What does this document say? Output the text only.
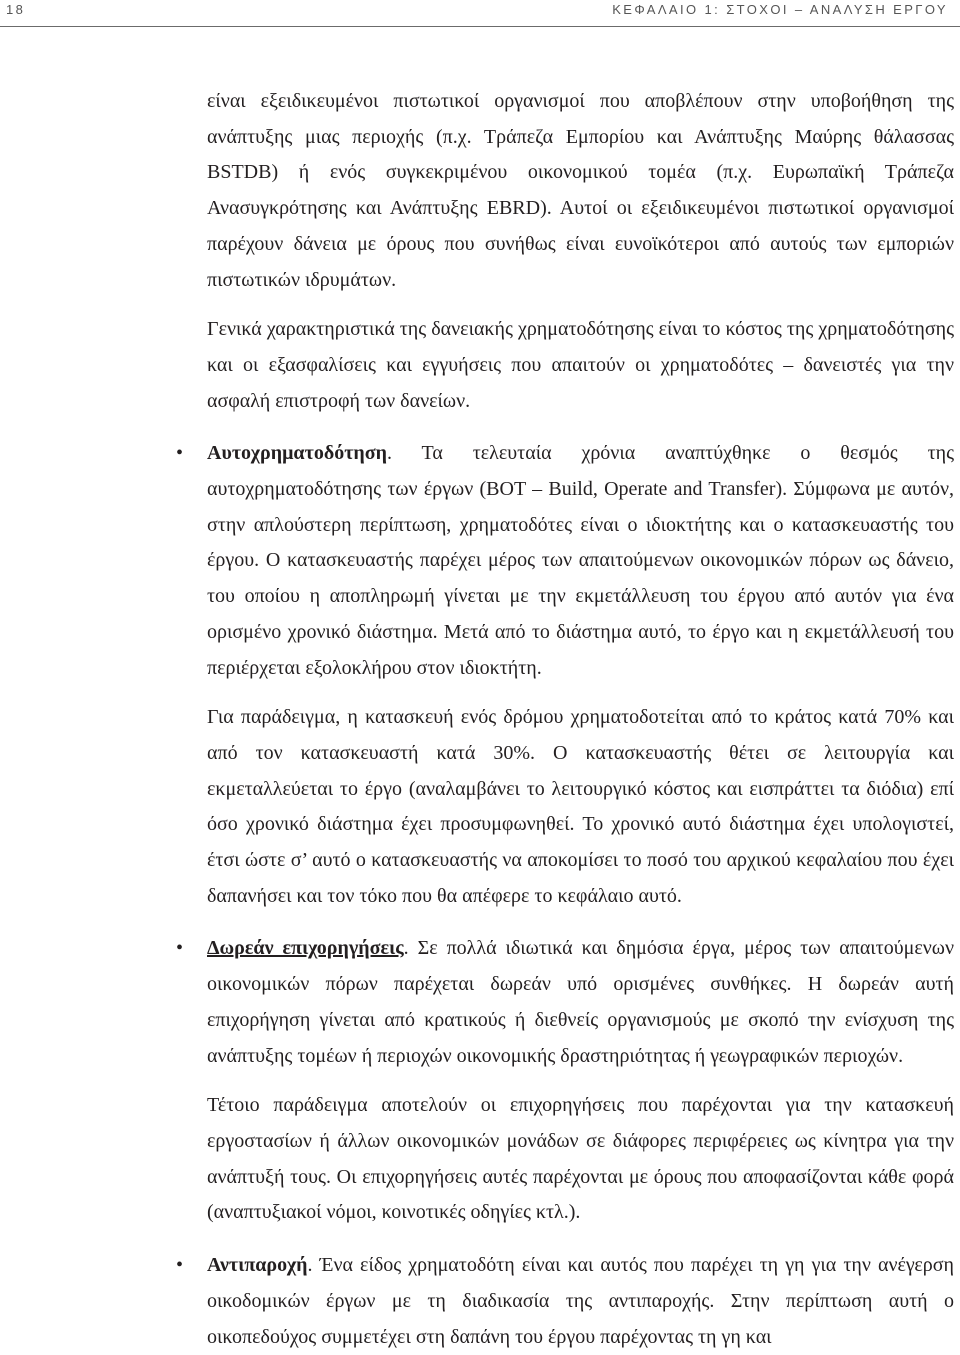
18	ΚΕΦΑΛΑΙΟ 1: ΣΤΟΧΟΙ – ΑΝΑΛΥΣΗ ΕΡΓΟΥ

είναι εξειδικευμένοι πιστωτικοί οργανισμοί που αποβλέπουν στην υποβοήθηση της ανάπτυξης μιας περιοχής (π.χ. Τράπεζα Εμπορίου και Ανάπτυξης Μαύρης θάλασσας BSTDB) ή ενός συγκεκριμένου οικονομικού τομέα (π.χ. Ευρωπαϊκή Τράπεζα Ανασυγκρότησης και Ανάπτυξης EBRD). Αυτοί οι εξειδικευμένοι πιστωτικοί οργανισμοί παρέχουν δάνεια με όρους που συνήθως είναι ευνοϊκότεροι από αυτούς των εμποριών πιστωτικών ιδρυμάτων.

Γενικά χαρακτηριστικά της δανειακής χρηματοδότησης είναι το κόστος της χρηματοδότησης και οι εξασφαλίσεις και εγγυήσεις που απαιτούν οι χρηματοδότες – δανειστές για την ασφαλή επιστροφή των δανείων.

• Αυτοχρηματοδότηση. Τα τελευταία χρόνια αναπτύχθηκε ο θεσμός της αυτοχρηματοδότησης των έργων (BOT – Build, Operate and Transfer). Σύμφωνα με αυτόν, στην απλούστερη περίπτωση, χρηματοδότες είναι ο ιδιοκτήτης και ο κατασκευαστής του έργου. Ο κατασκευαστής παρέχει μέρος των απαιτούμενων οικονομικών πόρων ως δάνειο, του οποίου η αποπληρωμή γίνεται με την εκμετάλλευση του έργου από αυτόν για ένα ορισμένο χρονικό διάστημα. Μετά από το διάστημα αυτό, το έργο και η εκμετάλλευσή του περιέρχεται εξολοκλήρου στον ιδιοκτήτη.

Για παράδειγμα, η κατασκευή ενός δρόμου χρηματοδοτείται από το κράτος κατά 70% και από τον κατασκευαστή κατά 30%. Ο κατασκευαστής θέτει σε λειτουργία και εκμεταλλεύεται το έργο (αναλαμβάνει το λειτουργικό κόστος και εισπράττει τα διόδια) επί όσο χρονικό διάστημα έχει προσυμφωνηθεί. Το χρονικό αυτό διάστημα έχει υπολογιστεί, έτσι ώστε σ’ αυτό ο κατασκευαστής να αποκομίσει το ποσό του αρχικού κεφαλαίου που έχει δαπανήσει και τον τόκο που θα απέφερε το κεφάλαιο αυτό.

• Δωρεάν επιχορηγήσεις. Σε πολλά ιδιωτικά και δημόσια έργα, μέρος των απαιτούμενων οικονομικών πόρων παρέχεται δωρεάν υπό ορισμένες συνθήκες. Η δωρεάν αυτή επιχορήγηση γίνεται από κρατικούς ή διεθνείς οργανισμούς με σκοπό την ενίσχυση της ανάπτυξης τομέων ή περιοχών οικονομικής δραστηριότητας ή γεωγραφικών περιοχών.

Τέτοιο παράδειγμα αποτελούν οι επιχορηγήσεις που παρέχονται για την κατασκευή εργοστασίων ή άλλων οικονομικών μονάδων σε διάφορες περιφέρειες ως κίνητρα για την ανάπτυξή τους. Οι επιχορηγήσεις αυτές παρέχονται με όρους που αποφασίζονται κάθε φορά (αναπτυξιακοί νόμοι, κοινοτικές οδηγίες κτλ.).

• Αντιπαροχή. Ένα είδος χρηματοδότη είναι και αυτός που παρέχει τη γη για την ανέγερση οικοδομικών έργων με τη διαδικασία της αντιπαροχής. Στην περίπτωση αυτή ο οικοπεδούχος συμμετέχει στη δαπάνη του έργου παρέχοντας τη γη και
